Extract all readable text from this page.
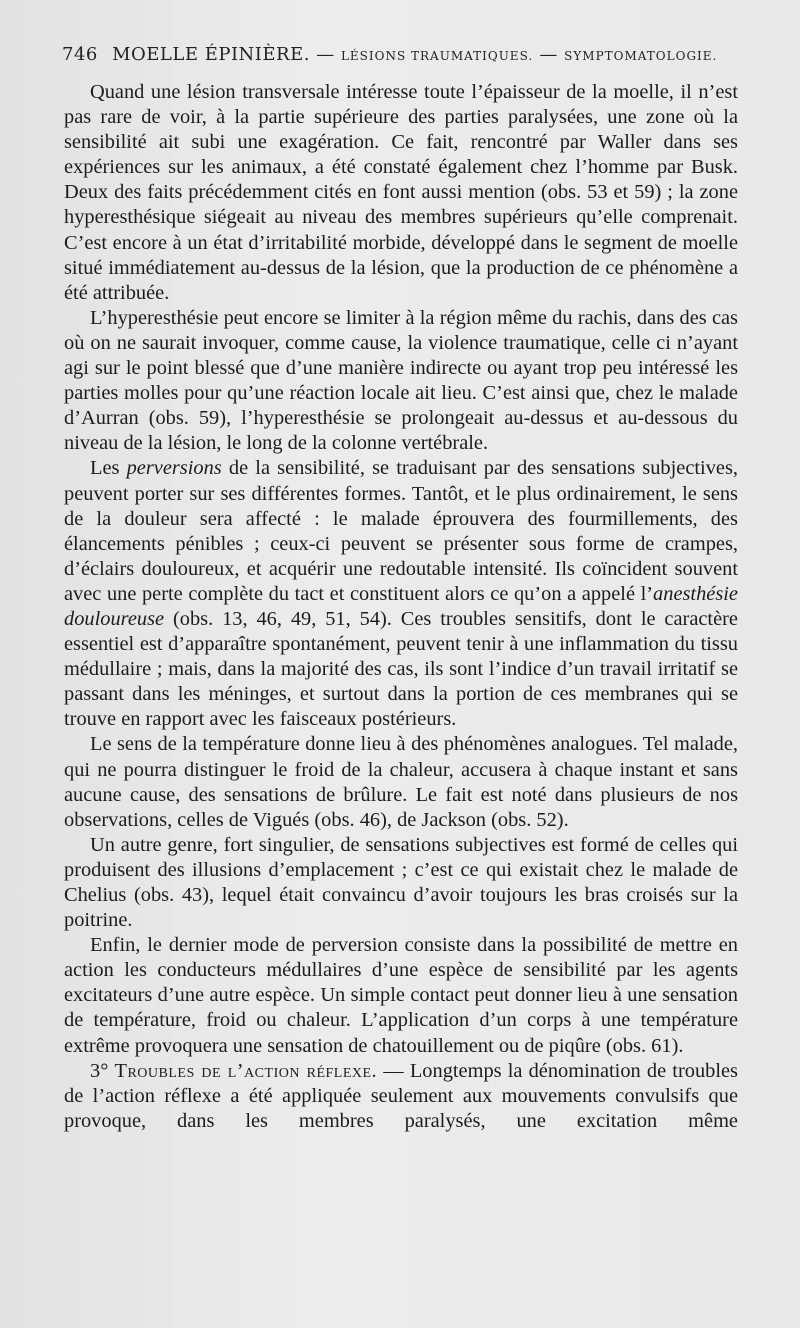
746 MOELLE ÉPINIÈRE. — LÉSIONS TRAUMATIQUES. — SYMPTOMATOLOGIE.

Quand une lésion transversale intéresse toute l’épaisseur de la moelle, il n’est pas rare de voir, à la partie supérieure des parties paralysées, une zone où la sensibilité ait subi une exagération. Ce fait, rencontré par Waller dans ses expériences sur les animaux, a été constaté également chez l’homme par Busk. Deux des faits précédemment cités en font aussi mention (obs. 53 et 59) ; la zone hyperesthésique siégeait au niveau des membres supérieurs qu’elle comprenait. C’est encore à un état d’irritabilité morbide, développé dans le segment de moelle situé immédiatement au-dessus de la lésion, que la production de ce phénomène a été attribuée.

L’hyperesthésie peut encore se limiter à la région même du rachis, dans des cas où on ne saurait invoquer, comme cause, la violence traumatique, celle ci n’ayant agi sur le point blessé que d’une manière indirecte ou ayant trop peu intéressé les parties molles pour qu’une réaction locale ait lieu. C’est ainsi que, chez le malade d’Aurran (obs. 59), l’hyperesthésie se prolongeait au-dessus et au-dessous du niveau de la lésion, le long de la colonne vertébrale.

Les perversions de la sensibilité, se traduisant par des sensations subjectives, peuvent porter sur ses différentes formes. Tantôt, et le plus ordinairement, le sens de la douleur sera affecté : le malade éprouvera des fourmillements, des élancements pénibles ; ceux-ci peuvent se présenter sous forme de crampes, d’éclairs douloureux, et acquérir une redoutable intensité. Ils coïncident souvent avec une perte complète du tact et constituent alors ce qu’on a appelé l’anesthésie douloureuse (obs. 13, 46, 49, 51, 54). Ces troubles sensitifs, dont le caractère essentiel est d’apparaître spontanément, peuvent tenir à une inflammation du tissu médullaire ; mais, dans la majorité des cas, ils sont l’indice d’un travail irritatif se passant dans les méninges, et surtout dans la portion de ces membranes qui se trouve en rapport avec les faisceaux postérieurs.

Le sens de la température donne lieu à des phénomènes analogues. Tel malade, qui ne pourra distinguer le froid de la chaleur, accusera à chaque instant et sans aucune cause, des sensations de brûlure. Le fait est noté dans plusieurs de nos observations, celles de Vigués (obs. 46), de Jackson (obs. 52).

Un autre genre, fort singulier, de sensations subjectives est formé de celles qui produisent des illusions d’emplacement ; c’est ce qui existait chez le malade de Chelius (obs. 43), lequel était convaincu d’avoir toujours les bras croisés sur la poitrine.

Enfin, le dernier mode de perversion consiste dans la possibilité de mettre en action les conducteurs médullaires d’une espèce de sensibilité par les agents excitateurs d’une autre espèce. Un simple contact peut donner lieu à une sensation de température, froid ou chaleur. L’application d’un corps à une température extrême provoquera une sensation de chatouillement ou de piqûre (obs. 61).

3° Troubles de l’action réflexe. — Longtemps la dénomination de troubles de l’action réflexe a été appliquée seulement aux mouvements convulsifs que provoque, dans les membres paralysés, une excitation même
